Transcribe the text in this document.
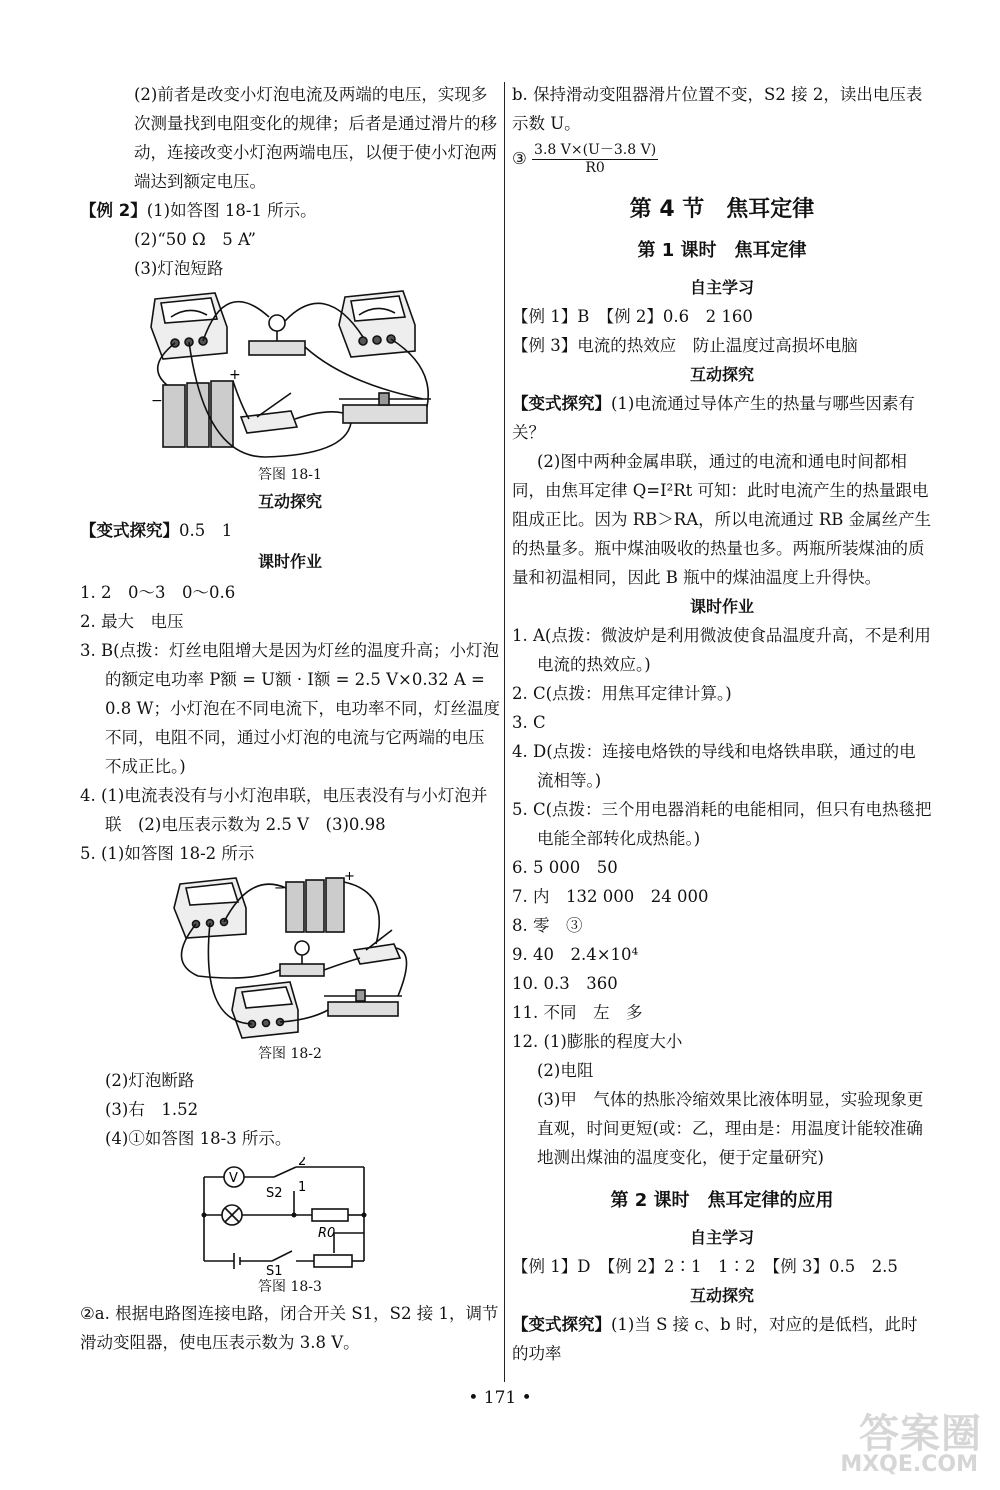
(2)前者是改变小灯泡电流及两端的电压，实现多次测量找到电阻变化的规律；后者是通过滑片的移动，连接改变小灯泡两端电压，以便于使小灯泡两端达到额定电压。

【例 2】(1)如答图 18-1 所示。

(2)“50 Ω　5 A”

(3)灯泡短路

−
+

答图 18-1

互动探究

【变式探究】0.5　1

课时作业

1. 2　0～3　0～0.6

2. 最大　电压

3. B(点拨：灯丝电阻增大是因为灯丝的温度升高；小灯泡的额定电功率 P额 = U额 · I额 = 2.5 V×0.32 A = 0.8 W；小灯泡在不同电流下，电功率不同，灯丝温度不同，电阻不同，通过小灯泡的电流与它两端的电压不成正比。)

4. (1)电流表没有与小灯泡串联，电压表没有与小灯泡并联　(2)电压表示数为 2.5 V　(3)0.98

5. (1)如答图 18-2 所示

−
+

答图 18-2

(2)灯泡断路

(3)右　1.52

(4)①如答图 18-3 所示。

V
S2
2
1
R0
S1

答图 18-3

②a. 根据电路图连接电路，闭合开关 S1，S2 接 1，调节滑动变阻器，使电压表示数为 3.8 V。

b. 保持滑动变阻器滑片位置不变，S2 接 2，读出电压表示数 U。

③ $\frac{3.8 V\times(U-3.8 V)}{R0}$

第 4 节　焦耳定律

第 1 课时　焦耳定律

自主学习

【例 1】B　【例 2】0.6　2 160

【例 3】电流的热效应　防止温度过高损坏电脑

互动探究

【变式探究】(1)电流通过导体产生的热量与哪些因素有关？

(2)图中两种金属串联，通过的电流和通电时间都相同，由焦耳定律 Q=I²Rt 可知：此时电流产生的热量跟电阻成正比。因为 RB＞RA，所以电流通过 RB 金属丝产生的热量多。瓶中煤油吸收的热量也多。两瓶所装煤油的质量和初温相同，因此 B 瓶中的煤油温度上升得快。

课时作业

1. A(点拨：微波炉是利用微波使食品温度升高，不是利用电流的热效应。)

2. C(点拨：用焦耳定律计算。)

3. C

4. D(点拨：连接电烙铁的导线和电烙铁串联，通过的电流相等。)

5. C(点拨：三个用电器消耗的电能相同，但只有电热毯把电能全部转化成热能。)

6. 5 000　50

7. 内　132 000　24 000

8. 零　③

9. 40　2.4×10⁴

10. 0.3　360

11. 不同　左　多

12. (1)膨胀的程度大小

(2)电阻

(3)甲　气体的热胀冷缩效果比液体明显，实验现象更直观，时间更短(或：乙，理由是：用温度计能较准确地测出煤油的温度变化，便于定量研究)

第 2 课时　焦耳定律的应用

自主学习

【例 1】D　【例 2】2∶1　1∶2　【例 3】0.5　2.5

互动探究

【变式探究】(1)当 S 接 c、b 时，对应的是低档，此时的功率

• 171 •
答案圈
MXQE.COM
